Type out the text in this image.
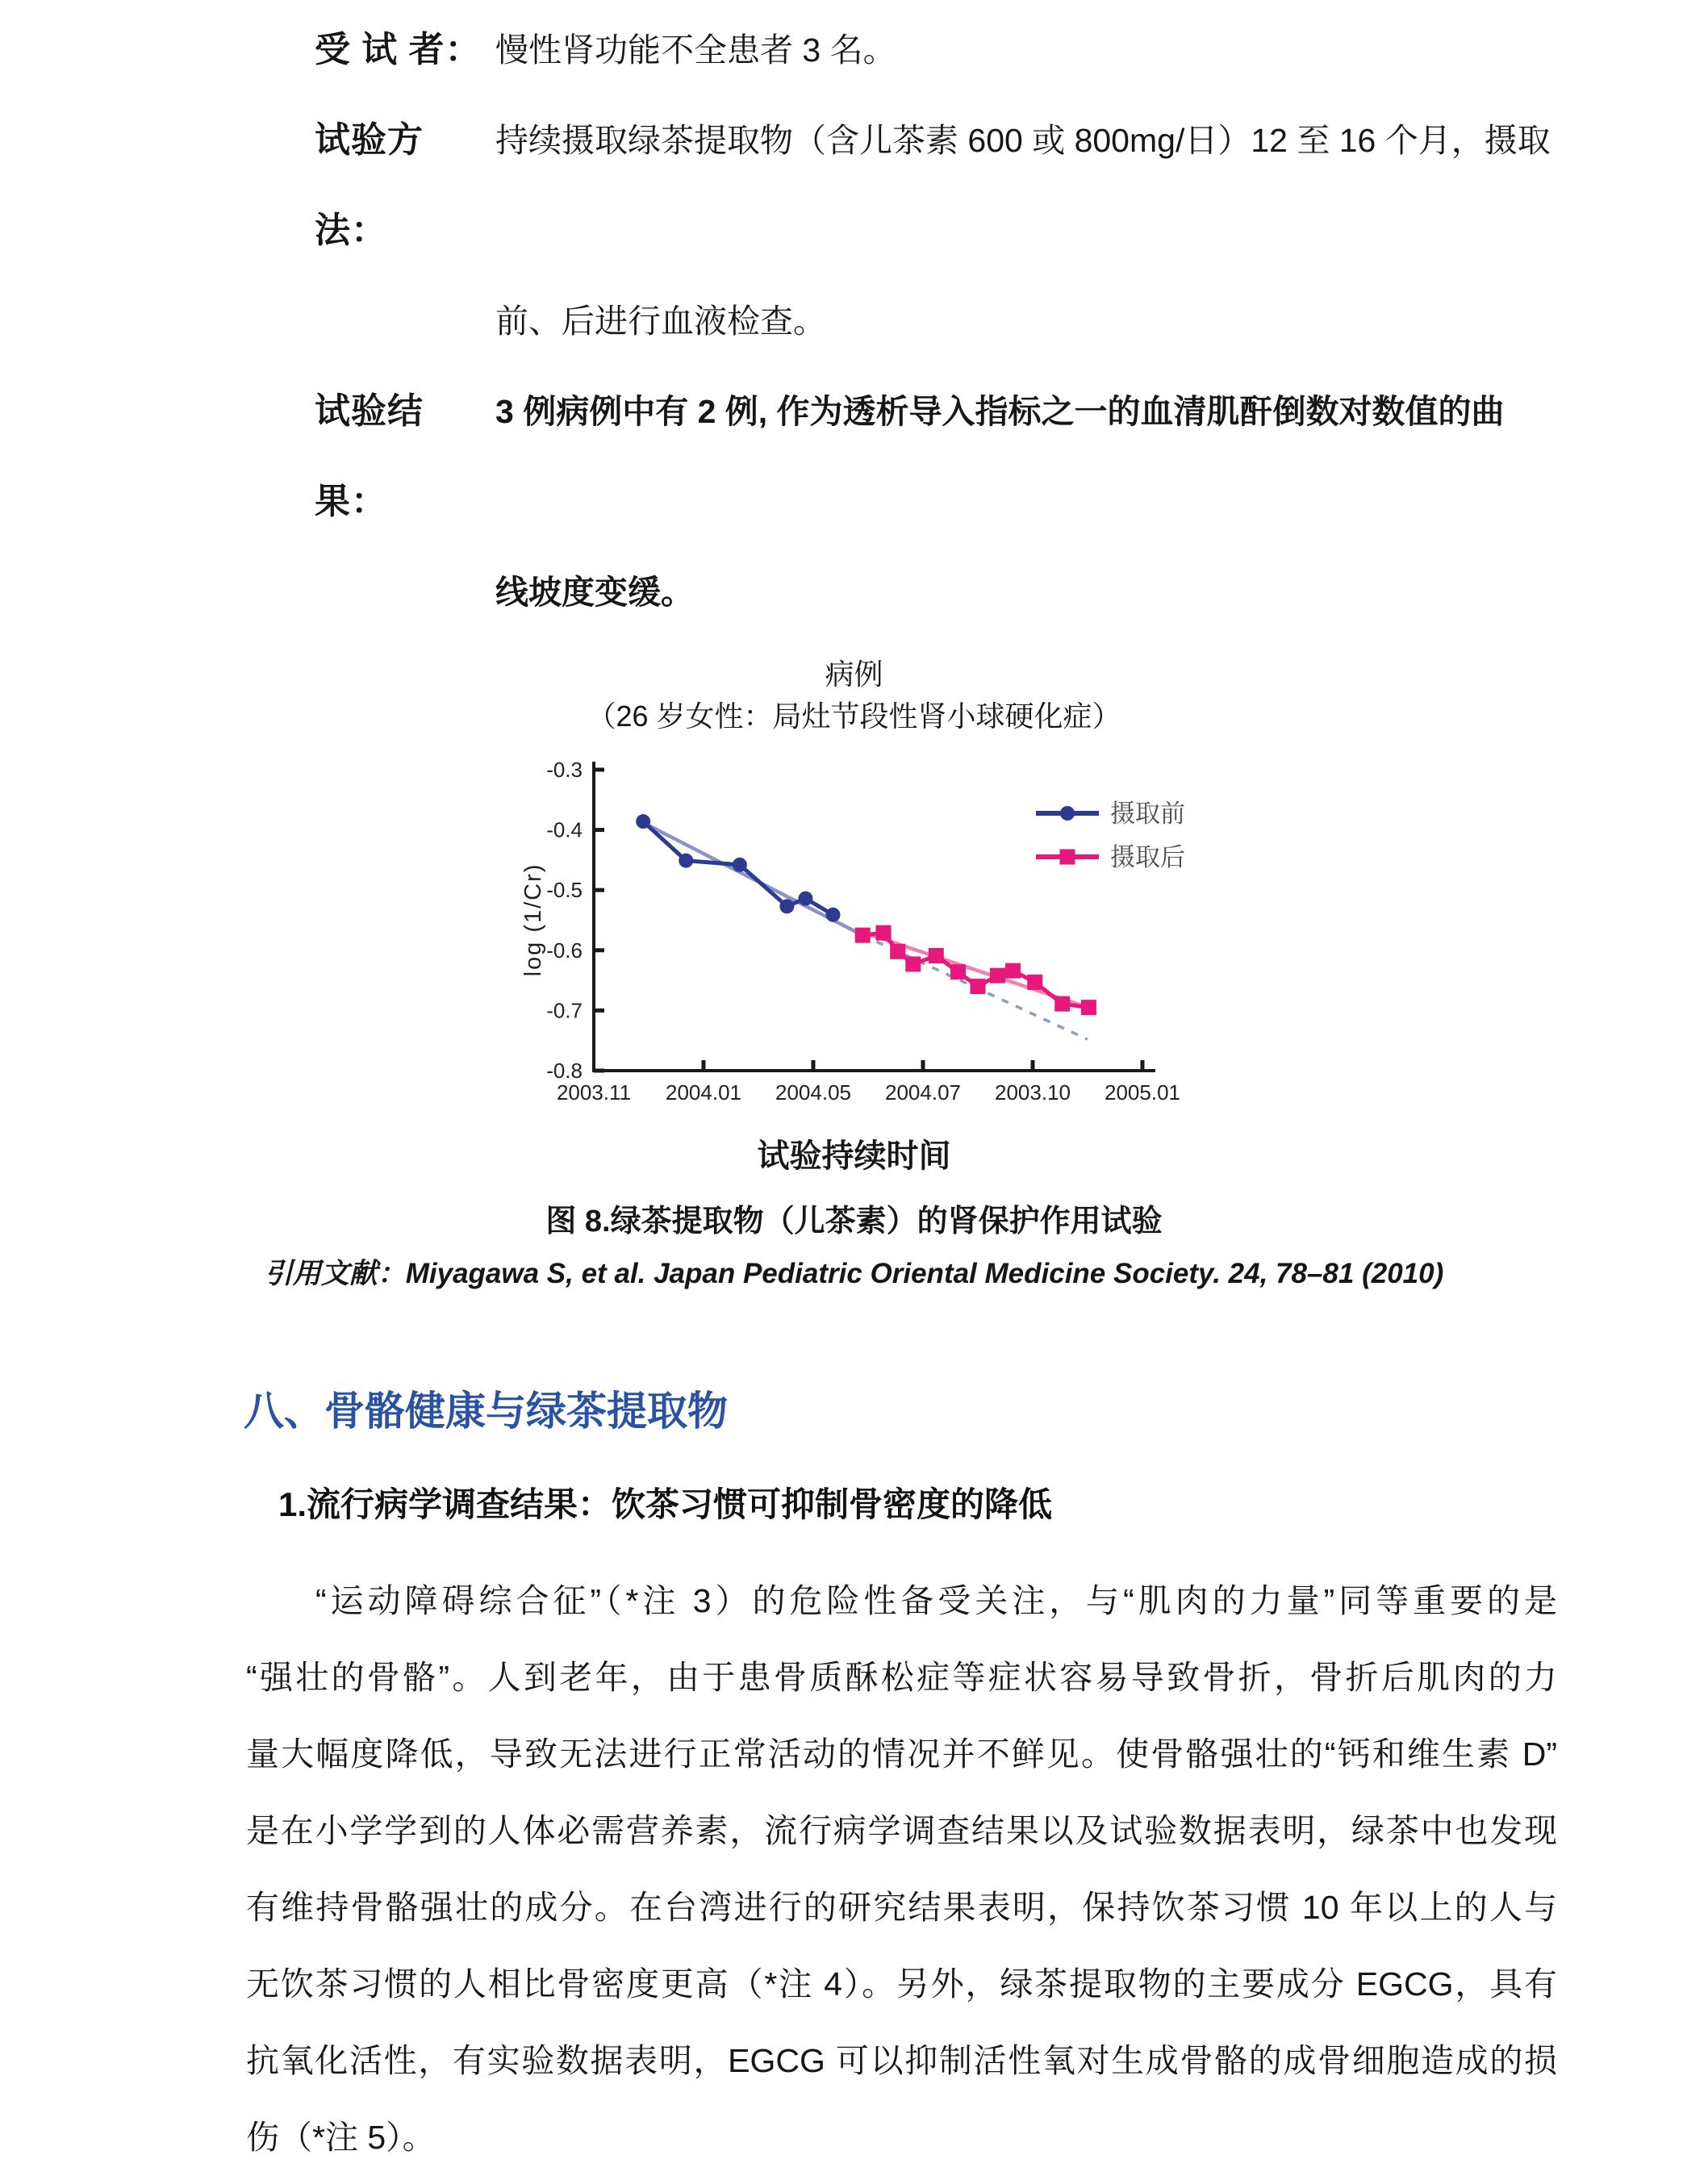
受 试 者： 慢性肾功能不全患者 3 名。
试验方法：
持续摄取绿茶提取物（含儿茶素 600 或 800mg/日）12 至 16 个月，摄取
前、后进行血液检查。
试验结果：
3 例病例中有 2 例, 作为透析导入指标之一的血清肌酐倒数对数值的曲
线坡度变缓。
病例
（26 岁女性：局灶节段性肾小球硬化症）
-0.3
-0.4
-0.5
-0.6
-0.7
-0.8
2003.11 2004.01 2004.05 2004.07 2003.10 2005.01
log (1/Cr)
摄取前
摄取后
试验持续时间
图 8.绿茶提取物（儿茶素）的肾保护作用试验
引用文献：Miyagawa S, et al. Japan Pediatric Oriental Medicine Society. 24, 78–81 (2010)
八、骨骼健康与绿茶提取物
1.流行病学调查结果：饮茶习惯可抑制骨密度的降低
“运动障碍综合征”（*注 3）的危险性备受关注，与“肌肉的力量”同等重要的是
“强壮的骨骼”。人到老年，由于患骨质酥松症等症状容易导致骨折，骨折后肌肉的力
量大幅度降低，导致无法进行正常活动的情况并不鲜见。使骨骼强壮的“钙和维生素 D”
是在小学学到的人体必需营养素，流行病学调查结果以及试验数据表明，绿茶中也发现
有维持骨骼强壮的成分。在台湾进行的研究结果表明，保持饮茶习惯 10 年以上的人与
无饮茶习惯的人相比骨密度更高（*注 4）。另外，绿茶提取物的主要成分 EGCG，具有
抗氧化活性，有实验数据表明，EGCG 可以抑制活性氧对生成骨骼的成骨细胞造成的损
伤（*注 5）。
